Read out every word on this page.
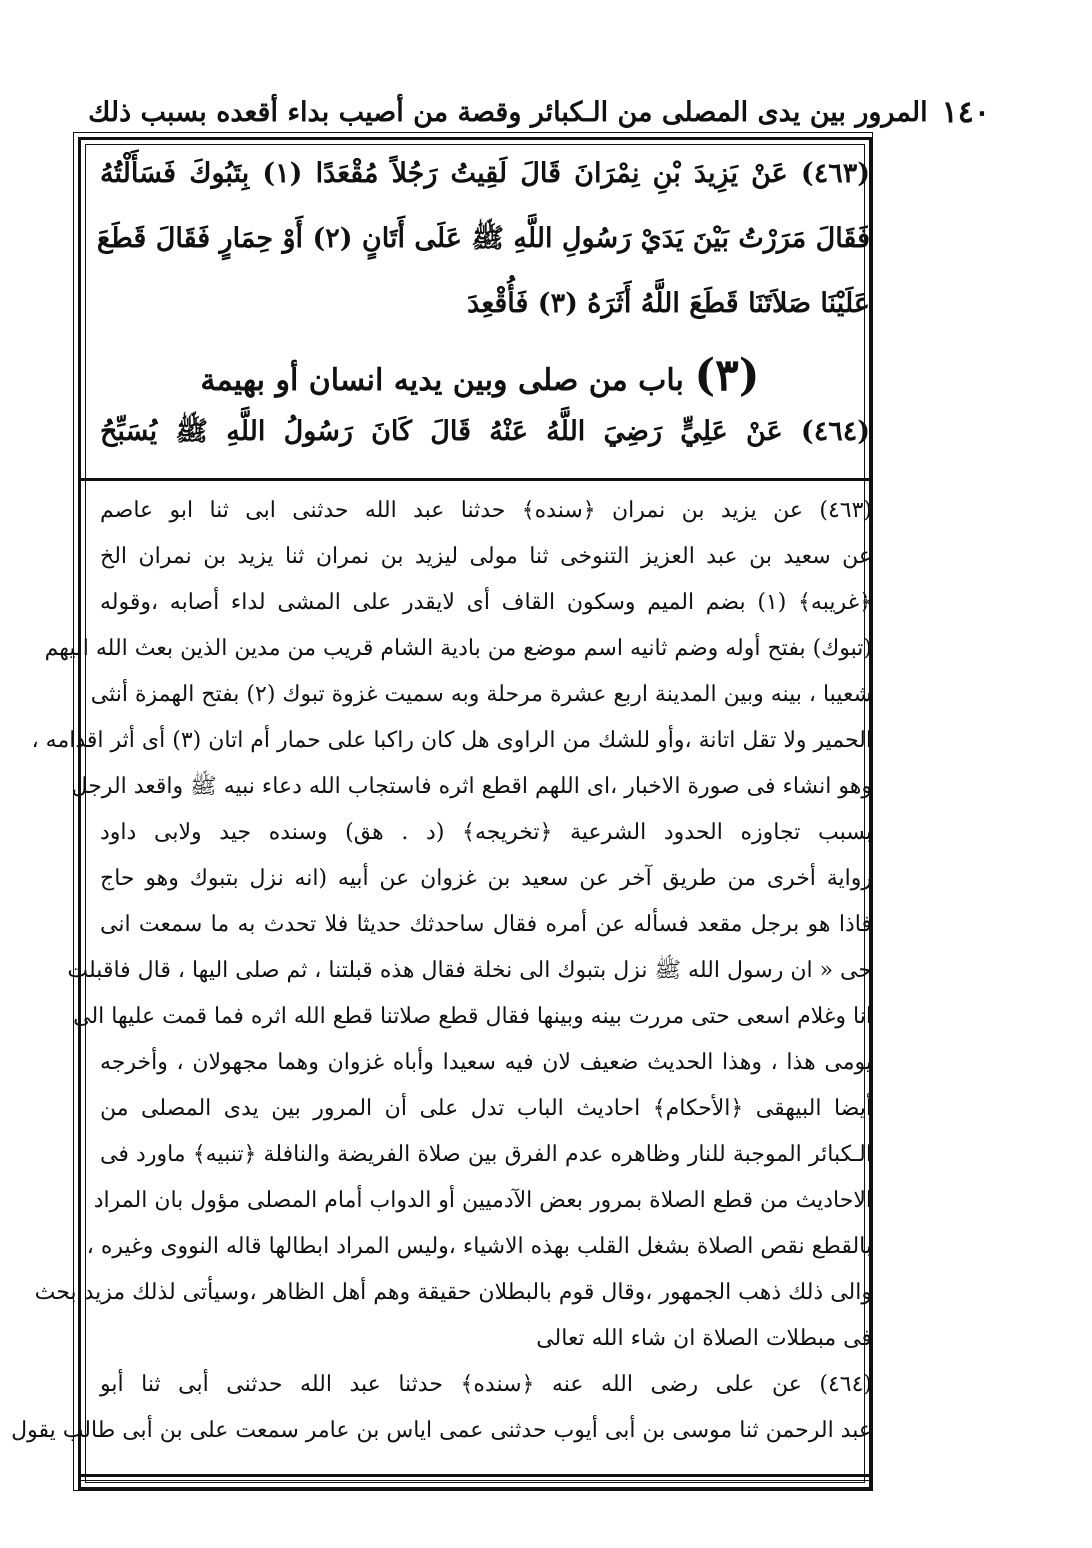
١٤٠
المرور بين يدى المصلى من الـكبائر وقصة من أصيب بداء أقعده بسبب ذلك
(٤٦٣) عَنْ يَزِيدَ بْنِ نِمْرَانَ قَالَ لَقِيتُ رَجُلاً مُقْعَدًا (١) بِتَبُوكَ فَسَأَلْتُهُ
فَقَالَ مَرَرْتُ بَيْنَ يَدَيْ رَسُولِ اللَّهِ ﷺ عَلَى أَتَانٍ (٢) أَوْ حِمَارٍ فَقَالَ قَطَعَ
عَلَيْنَا صَلاَتَنَا قَطَعَ اللَّهُ أَثَرَهُ (٣) فَأُقْعِدَ
(٣) باب من صلى وبين يديه انسان أو بهيمة
(٤٦٤) عَنْ عَلِيٍّ رَضِيَ اللَّهُ عَنْهُ قَالَ كَانَ رَسُولُ اللَّهِ ﷺ يُسَبِّحُ
(٤٦٣) عن يزيد بن نمران ﴿سنده﴾ حدثنا عبد الله حدثنى ابى ثنا ابو عاصم
عن سعيد بن عبد العزيز التنوخى ثنا مولى ليزيد بن نمران ثنا يزيد بن نمران الخ
﴿غريبه﴾ (١) بضم الميم وسكون القاف أى لايقدر على المشى لداء أصابه ،وقوله
(تبوك) بفتح أوله وضم ثانيه اسم موضع من بادية الشام قريب من مدين الذين بعث الله اليهم
شعيبا ، بينه وبين المدينة اربع عشرة مرحلة وبه سميت غزوة تبوك (٢) بفتح الهمزة أنثى
الحمير ولا تقل اتانة ،وأو للشك من الراوى هل كان راكبا على حمار أم اتان (٣) أى أثر اقدامه ،
وهو انشاء فى صورة الاخبار ،اى اللهم اقطع اثره فاستجاب الله دعاء نبيه ﷺ واقعد الرجل
بسبب تجاوزه الحدود الشرعية ﴿تخريجه﴾ (د . هق) وسنده جيد ولابى داود
رواية أخرى من طريق آخر عن سعيد بن غزوان عن أبيه (انه نزل بتبوك وهو حاج
فاذا هو برجل مقعد فسأله عن أمره فقال ساحدثك حديثا فلا تحدث به ما سمعت انى
حى « ان رسول الله ﷺ نزل بتبوك الى نخلة فقال هذه قبلتنا ، ثم صلى اليها ، قال فاقبلت
انا وغلام اسعى حتى مررت بينه وبينها فقال قطع صلاتنا قطع الله اثره فما قمت عليها الى
يومى هذا ، وهذا الحديث ضعيف لان فيه سعيدا وأباه غزوان وهما مجهولان ، وأخرجه
أيضا البيهقى ﴿الأحكام﴾ احاديث الباب تدل على أن المرور بين يدى المصلى من
الـكبائر الموجبة للنار وظاهره عدم الفرق بين صلاة الفريضة والنافلة ﴿تنبيه﴾ ماورد فى
الاحاديث من قطع الصلاة بمرور بعض الآدميين أو الدواب أمام المصلى مؤول بان المراد
بالقطع نقص الصلاة بشغل القلب بهذه الاشياء ،وليس المراد ابطالها قاله النووى وغيره ،
والى ذلك ذهب الجمهور ،وقال قوم بالبطلان حقيقة وهم أهل الظاهر ،وسيأتى لذلك مزيد بحث
فى مبطلات الصلاة ان شاء الله تعالى
(٤٦٤) عن على رضى الله عنه ﴿سنده﴾ حدثنا عبد الله حدثنى أبى ثنا أبو
عبد الرحمن ثنا موسى بن أبى أيوب حدثنى عمى اياس بن عامر سمعت على بن أبى طالب يقول
